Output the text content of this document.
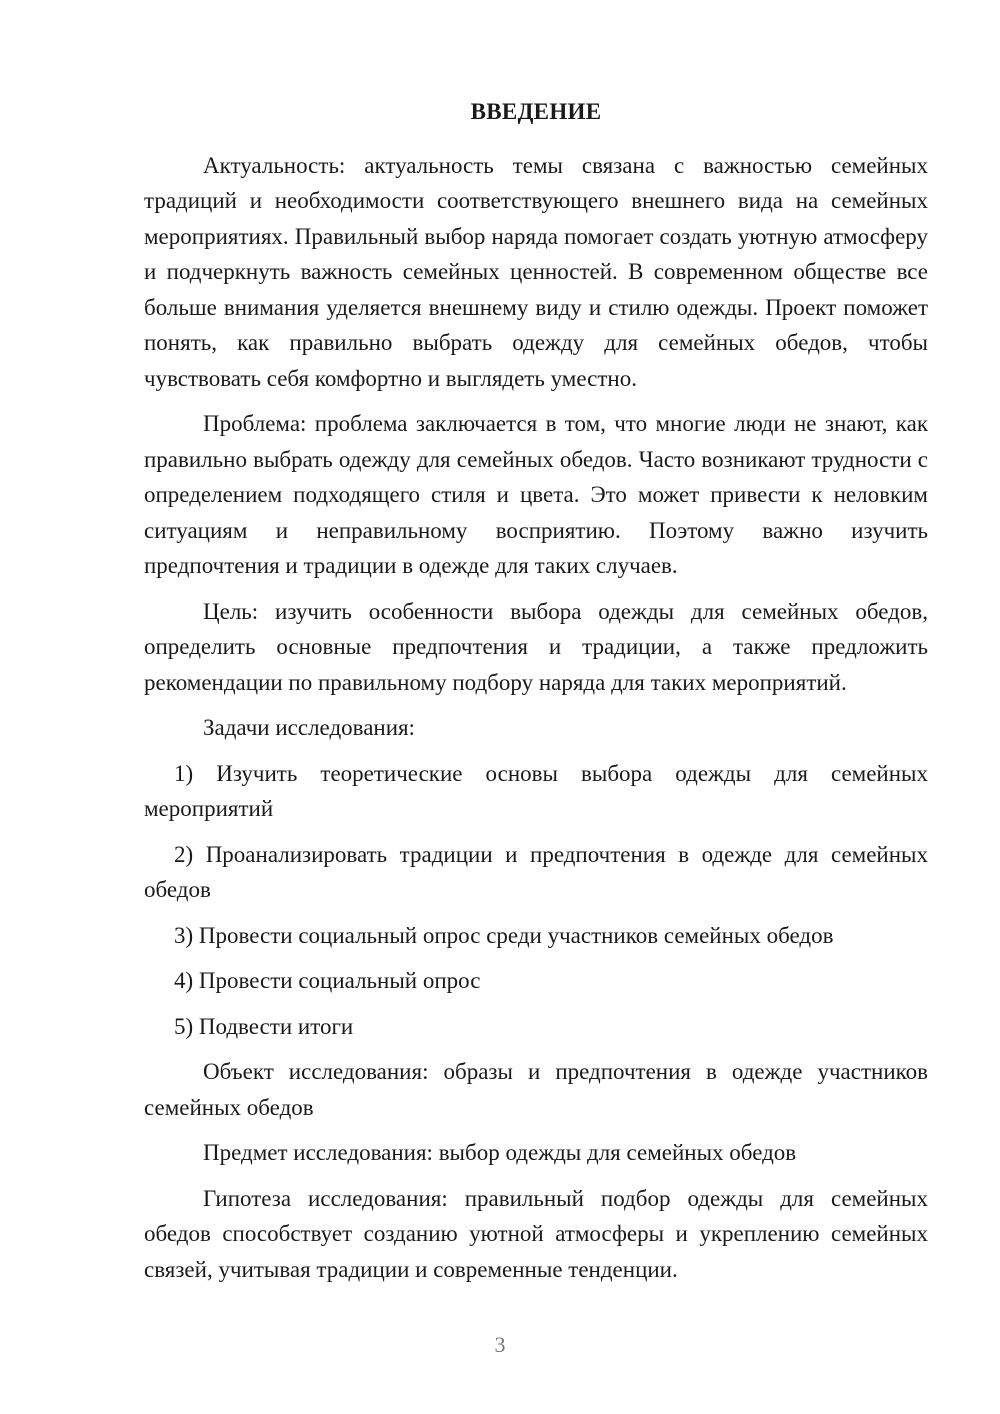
ВВЕДЕНИЕ

Актуальность: актуальность темы связана с важностью семейных традиций и необходимости соответствующего внешнего вида на семейных мероприятиях. Правильный выбор наряда помогает создать уютную атмосферу и подчеркнуть важность семейных ценностей. В современном обществе все больше внимания уделяется внешнему виду и стилю одежды. Проект поможет понять, как правильно выбрать одежду для семейных обедов, чтобы чувствовать себя комфортно и выглядеть уместно.

Проблема: проблема заключается в том, что многие люди не знают, как правильно выбрать одежду для семейных обедов. Часто возникают трудности с определением подходящего стиля и цвета. Это может привести к неловким ситуациям и неправильному восприятию. Поэтому важно изучить предпочтения и традиции в одежде для таких случаев.

Цель: изучить особенности выбора одежды для семейных обедов, определить основные предпочтения и традиции, а также предложить рекомендации по правильному подбору наряда для таких мероприятий.

Задачи исследования:

1) Изучить теоретические основы выбора одежды для семейных мероприятий

2) Проанализировать традиции и предпочтения в одежде для семейных обедов

3) Провести социальный опрос среди участников семейных обедов

4) Провести социальный опрос

5) Подвести итоги

Объект исследования: образы и предпочтения в одежде участников семейных обедов

Предмет исследования: выбор одежды для семейных обедов

Гипотеза исследования: правильный подбор одежды для семейных обедов способствует созданию уютной атмосферы и укреплению семейных связей, учитывая традиции и современные тенденции.

3
